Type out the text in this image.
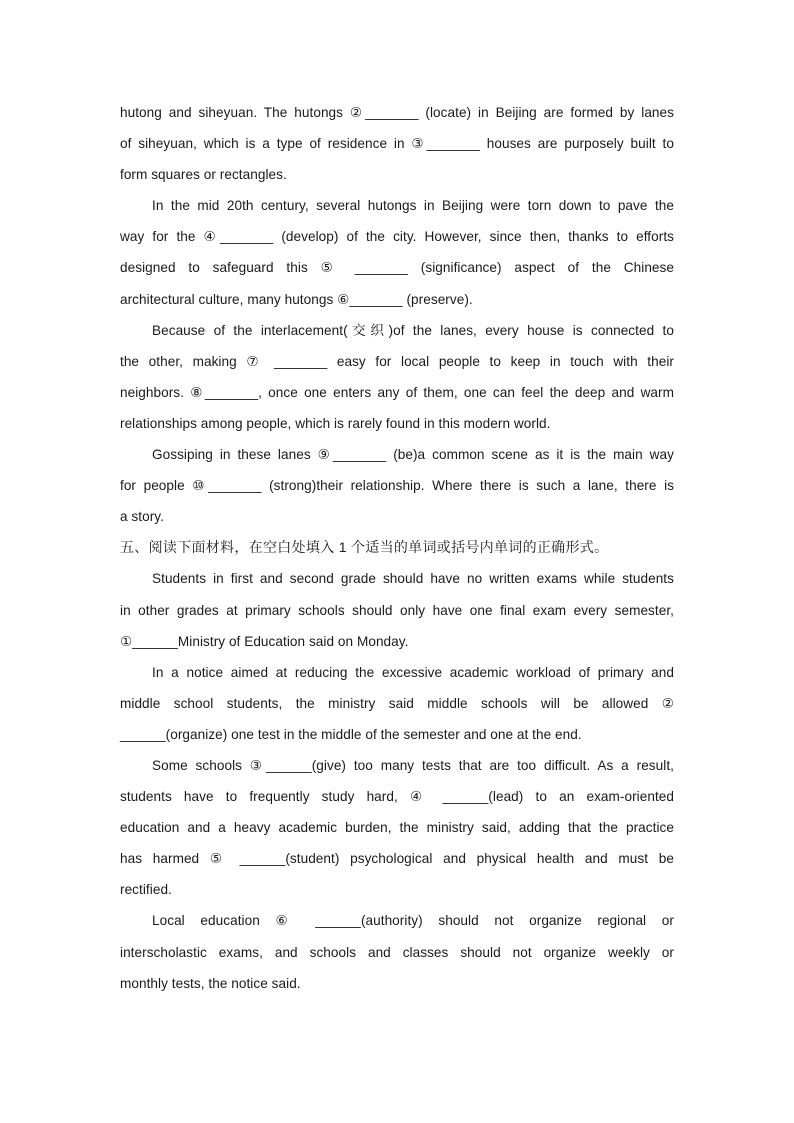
hutong and siheyuan. The hutongs ②_______ (locate) in Beijing are formed by lanes
of siheyuan, which is a type of residence in ③_______ houses are purposely built to
form squares or rectangles.
In the mid 20th century, several hutongs in Beijing were torn down to pave the
way for the ④_______ (develop) of the city. However, since then, thanks to efforts
designed to safeguard this ⑤ _______ (significance) aspect of the Chinese
architectural culture, many hutongs ⑥_______ (preserve).
Because of the interlacement(交织)of the lanes, every house is connected to
the other, making ⑦ _______ easy for local people to keep in touch with their
neighbors. ⑧_______, once one enters any of them, one can feel the deep and warm
relationships among people, which is rarely found in this modern world.
Gossiping in these lanes ⑨_______ (be)a common scene as it is the main way
for people ⑩_______ (strong)their relationship. Where there is such a lane, there is
a story.
五、阅读下面材料，在空白处填入 1 个适当的单词或括号内单词的正确形式。
Students in first and second grade should have no written exams while students
in other grades at primary schools should only have one final exam every semester,
①______Ministry of Education said on Monday.
In a notice aimed at reducing the excessive academic workload of primary and
middle school students, the ministry said middle schools will be allowed ②
______(organize) one test in the middle of the semester and one at the end.
Some schools ③______(give) too many tests that are too difficult. As a result,
students have to frequently study hard, ④ ______(lead) to an exam-oriented
education and a heavy academic burden, the ministry said, adding that the practice
has harmed ⑤ ______(student) psychological and physical health and must be
rectified.
Local education ⑥ ______(authority) should not organize regional or
interscholastic exams, and schools and classes should not organize weekly or
monthly tests, the notice said.
